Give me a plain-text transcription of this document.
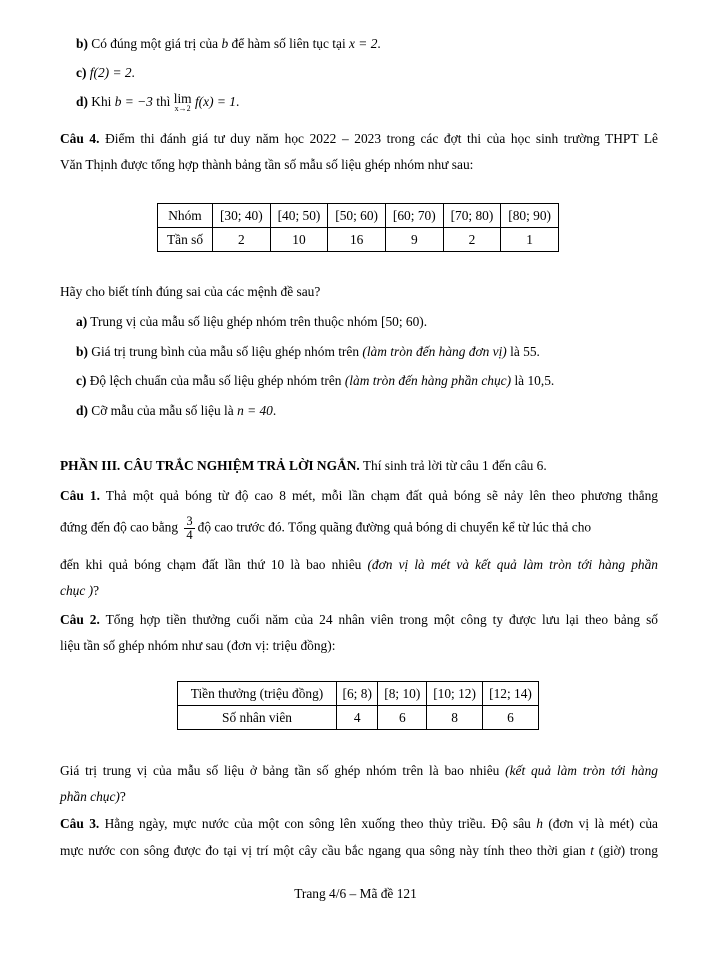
b) Có đúng một giá trị của b để hàm số liên tục tại x = 2.
c) f(2) = 2.
d) Khi b = −3 thì lim
x→2 f(x) = 1.
Câu 4. Điểm thi đánh giá tư duy năm học 2022 – 2023 trong các đợt thi của học sinh trường THPT Lê
Văn Thịnh được tổng hợp thành bảng tần số mẫu số liệu ghép nhóm như sau:
Nhóm	[30; 40)	[40; 50)	[50; 60)	[60; 70)	[70; 80)	[80; 90)
Tần số	2	10	16	9	2	1
Hãy cho biết tính đúng sai của các mệnh đề sau?
a) Trung vị của mẫu số liệu ghép nhóm trên thuộc nhóm [50; 60).
b) Giá trị trung bình của mẫu số liệu ghép nhóm trên (làm tròn đến hàng đơn vị) là 55.
c) Độ lệch chuẩn của mẫu số liệu ghép nhóm trên (làm tròn đến hàng phần chục) là 10,5.
d) Cỡ mẫu của mẫu số liệu là n = 40.
PHẦN III. CÂU TRẮC NGHIỆM TRẢ LỜI NGẮN. Thí sinh trả lời từ câu 1 đến câu 6.
Câu 1. Thả một quả bóng từ độ cao 8 mét, mỗi lần chạm đất quả bóng sẽ nảy lên theo phương thẳng
đứng đến độ cao bằng $\frac{3}{4}$ độ cao trước đó. Tổng quãng đường quả bóng di chuyển kể từ lúc thả cho
đến khi quả bóng chạm đất lần thứ 10 là bao nhiêu (đơn vị là mét và kết quả làm tròn tới hàng phần
chục )?
Câu 2. Tổng hợp tiền thưởng cuối năm của 24 nhân viên trong một công ty được lưu lại theo bảng số
liệu tần số ghép nhóm như sau (đơn vị: triệu đồng):
Tiền thưởng (triệu đồng)	[6; 8)	[8; 10)	[10; 12)	[12; 14)
Số nhân viên	4	6	8	6
Giá trị trung vị của mẫu số liệu ở bảng tần số ghép nhóm trên là bao nhiêu (kết quả làm tròn tới hàng
phần chục)?
Câu 3. Hằng ngày, mực nước của một con sông lên xuống theo thủy triều. Độ sâu h (đơn vị là mét) của
mực nước con sông được đo tại vị trí một cây cầu bắc ngang qua sông này tính theo thời gian t (giờ) trong
Trang 4/6 – Mã đề 121
